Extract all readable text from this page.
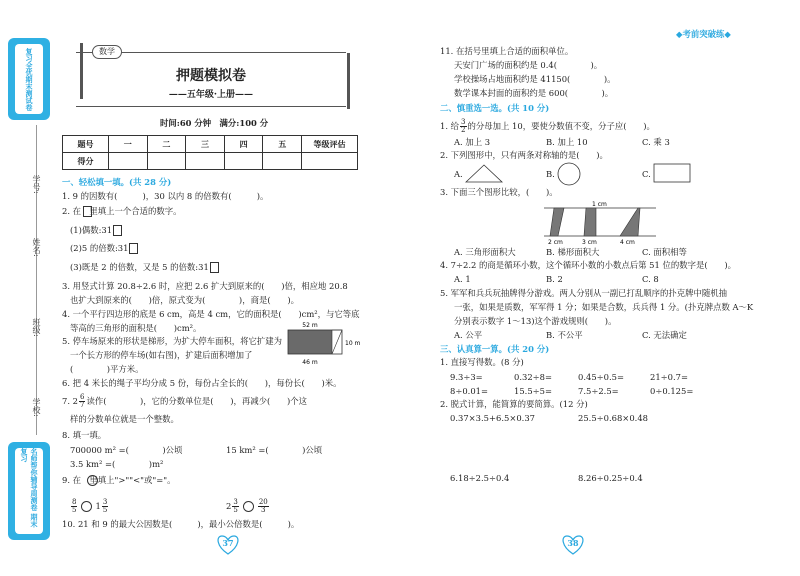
复习全优期末测试卷
名师帮你辅导周测卷 期末复习
学号:
姓名:
班级:
学校:
数学
押题模拟卷
——五年级·上册——
时间:60 分钟　满分:100 分
题号	一	二	三	四	五	等级评估
得分						
一、轻松填一填。(共 28 分)
1. 9 的因数有(　　　)，30 以内 8 的倍数有(　　　)。
2. 在　里填上一个合适的数字。
(1)偶数:31
(2)5 的倍数:31
(3)既是 2 的倍数，又是 5 的倍数:31
3. 用竖式计算 20.8÷2.6 时，应把 2.6 扩大到原来的(　　)倍，相应地 20.8
也扩大到原来的(　　)倍，原式变为(　　　　)，商是(　　)。
4. 一个平行四边形的底是 6 cm，高是 4 cm，它的面积是(　　)cm²，与它等底
等高的三角形的面积是(　　)cm²。
5. 停车场原来的形状是梯形，为扩大停车面积，将它扩建为
一个长方形的停车场(如右图)，扩建后面积增加了
(　　　　)平方米。
52 m
10 m
46 m
6. 把 4 米长的绳子平均分成 5 份，每份占全长的(　　)，每份长(　　)米。
7. $2 \frac{6}{7}$ 读作(　　　　)，它的分数单位是(　　)，再减少(　　)个这
样的分数单位就是一个整数。
8. 填一填。
700000 m² =(　　　　)公顷	15 km² =(　　　　)公顷
3.5 km² =(　　　　)m²
9. 在　里填上">""<"或"="。
$\frac{8}{5} 1 \frac{3}{5}$	$2 \frac{3}{5}$	$\frac{20}{3}$
10. 21 和 9 的最大公因数是(　　　)，最小公倍数是(　　　)。
37
◆考前突破练◆
11. 在括号里填上合适的面积单位。
天安门广场的面积约是 0.4(　　　　)。
学校操场占地面积约是 41150(　　　　)。
数学课本封面的面积约是 600(　　　　)。
二、慎重选一选。(共 10 分)
1. 给 $\frac{3}{2}$ 的分母加上 10，要使分数值不变，分子应(　　)。
A. 加上 3	B. 加上 10	C. 乘 3
2. 下列图形中，只有两条对称轴的是(　　)。
A.	B.	C.
3. 下面三个图形比较，(　　)。
1 cm
2 cm	3 cm	4 cm
A. 三角形面积大	B. 梯形面积大	C. 面积相等
4. 7÷2.2 的商是循环小数，这个循环小数的小数点后第 51 位的数字是(　　)。
A. 1	B. 2	C. 8
5. 军军和兵兵玩抽牌得分游戏。两人分别从一副已打乱顺序的扑克牌中随机抽
一张，如果是质数，军军得 1 分；如果是合数，兵兵得 1 分。(扑克牌点数 A～K
分别表示数字 1～13)这个游戏规则(　　)。
A. 公平	B. 不公平	C. 无法确定
三、认真算一算。(共 20 分)
1. 直接写得数。(8 分)
9.3÷3=	0.32÷8=	0.45÷0.5=	21÷0.7=
8÷0.01=	15.5÷5=	7.5÷2.5=	0÷0.125=
2. 脱式计算，能简算的要简算。(12 分)
0.37×3.5+6.5×0.37	25.5÷0.68×0.48
6.18÷2.5÷0.4	8.26÷0.25÷0.4
38
